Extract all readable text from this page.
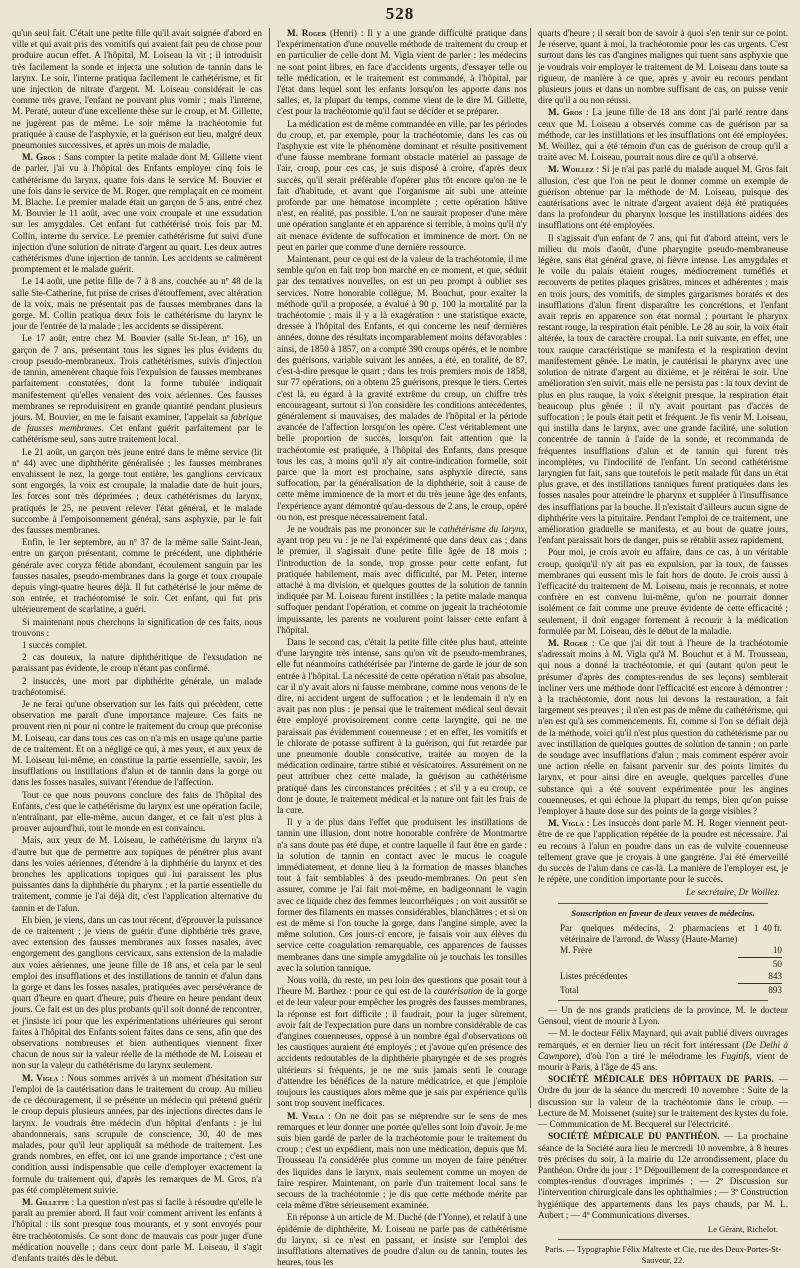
528

qu'un seul fait. C'était une petite fille qu'il avait soignée d'abord en ville et qui avait pris des vomitifs qui avaient fait peu de chose pour produire aucun effet. A l'hôpital, M. Loiseau la vit ; il introduisit très facilement la sonde et injecta une solution de tannin dans le larynx. Le soir, l'interne pratiqua facilement le cathétérisme, et fit une injection de nitrate d'argent. M. Loiseau considérait le cas comme très grave, l'enfant ne pouvant plus vomir ; mais l'interne, M. Peraté, auteur d'une excellente thèse sur le croup, et M. Gillette, ne jugèrent pas de même. Le soir même la trachéotomie fut pratiquée à cause de l'asphyxie, et la guérison eut lieu, malgré deux pneumonies successives, et après un mois de maladie.

M. Gros : Sans compter la petite malade dont M. Gillette vient de parler, j'ai vu à l'hôpital des Enfants employer cinq fois le cathétérisme du larynx, quatre fois dans le service M. Bouvier et une fois dans le service de M. Roger, que remplaçait en ce moment M. Blache. Le premier malade était un garçon de 5 ans, entré chez M. Bouvier le 11 août, avec une voix croupale et une exsudation sur les amygdales. Cet enfant fut cathétérisé trois fois par M. Collin, interne du service. Le premier cathétérisme fut suivi d'une injection d'une solution de nitrate d'argent au quart. Les deux autres cathétérismes d'une injection de tannin. Les accidents se calmèrent promptement et le malade guérit.

Le 14 août, une petite fille de 7 à 8 ans, couchée au nº 48 de la salle Ste-Catherine, fut prise de crises d'étouffement, avec altération de la voix, mais ne présentait pas de fausses membranes dans la gorge. M. Collin pratiqua deux fois le cathétérisme du larynx le jour de l'entrée de la malade ; les accidents se dissipèrent.

Le 17 août, entre chez M. Bouvier (salle St-Jean, nº 16), un garçon de 7 ans, présentant tous les signes les plus évidents du croup pseudo-membraneux. Trois cathétérismes, suivis d'injection de tannin, amenèrent chaque fois l'expulsion de fausses membranes parfaitement constatées, dont la forme tubulée indiquait manifestement qu'elles venaient des voix aériennes. Ces fausses membranes se reproduisirent en grande quantité pendant plusieurs jours. M. Bouvier, en me le faisant examiner, l'appelait sa fabrique de fausses membranes. Cet enfant guérit parfaitement par le cathétérisme seul, sans autre traitement local.

Le 21 août, un garçon très jeune entré dans le même service (lit nº 44) avec une diphthérite généralisée ; les fausses membranes envahissent le nez, la gorge tout entière, les ganglions cervicaux sont engorgés, la voix est croupale, la maladie date de huit jours, les forces sont très déprimées ; deux cathétérismes du larynx, pratiqués le 25, ne peuvent relever l'état général, et le malade succombe à l'empoisonnement général, sans asphyxie, par le fait des fausses membranes.

Enfin, le 1er septembre, au nº 37 de la même salle Saint-Jean, entre un garçon présentant, comme le précédent, une diphthérie générale avec coryza fétide abondant, écoulement sanguin par les fausses nasales, pseudo-membranes dans la gorge et toux croupale depuis vingt-quatre heures déjà. Il fut cathétérisé le jour même de son entrée, et trachéotomisé le soir. Cet enfant, qui fut pris ultérieurement de scarlatine, a guéri.

Si maintenant nous cherchons la signification de ces faits, nous trouvons :

1 succès complet.

2 cas douteux, la nature diphthéritique de l'exsudation ne paraissant pas évidente, le croup n'étant pas confirmé.

2 insuccès, une mort par diphthérite générale, un malade trachéotomisé.

Je ne ferai qu'une observation sur les faits qui précèdent, cette observation me paraît d'une importance majeure. Ces faits ne prouvent rien ni pour ni contre le traitement du croup que préconise M. Loiseau, car dans tous ces cas on n'a mis en usage qu'une partie de ce traitement. Et on a négligé ce qui, à mes yeux, et aux yeux de M. Loiseau lui-même, en constitue la partie essentielle, savoir, les insufflations ou instillations d'alun et de tannin dans la gorge ou dans les fosses nasales, suivant l'étendue de l'affection.

Tout ce que nous pouvons conclure des faits de l'hôpital des Enfants, c'est que le cathétérisme du larynx est une opération facile, n'entraînant, par elle-même, aucun danger, et ce fait n'est plus à prouver aujourd'hui, tout le monde en est convaincu.

Mais, aux yeux de M. Loiseau, le cathétérisme du larynx n'a d'autre but que de permettre aux topiques de pénétrer plus avant dans les voies aériennes, d'étendre à la diphthérie du larynx et des bronches les applications topiques qui lui paraissent les plus puissantes dans la diphthérie du pharynx ; et la partie essentielle du traitement, comme je l'ai déjà dit, c'est l'application alternative du tannin et de l'alun.

Eh bien, je viens, dans un cas tout récent, d'éprouver la puissance de ce traitement ; je viens de guérir d'une diphthérie très grave, avec extension des fausses membranes aux fosses nasales, avec engorgement des ganglions cervicaux, sans extension de la maladie aux voies aériennes, une jeune fille de 18 ans, et cela par le seul emploi des insufflations et des instillations de tannin et d'alun dans la gorge et dans les fosses nasales, pratiquées avec persévérance de quart d'heure en quart d'heure, puis d'heure en heure pendant deux jours. Ce fait est un des plus probants qu'il soit donné de rencontrer, et j'insiste ici pour que les expérimentations ultérieures qui seront faites à l'hôpital des Enfants soient faites dans ce sens, afin que des observations nombreuses et bien authentiques viennent fixer chacun de nous sur la valeur réelle de la méthode de M. Loiseau et non sur la valeur du cathétérisme du larynx seulement.

M. Vigla : Nous sommes arrivés à un moment d'hésitation sur l'emploi de la cautérisation dans le traitement du croup. Au milieu de ce découragement, il se présente un médecin qui prétend guérir le croup depuis plusieurs années, par des injections directes dans le larynx. Je voudrais être médecin d'un hôpital d'enfants : je lui abandonnerais, sans scrupule de conscience, 30, 40 de mes malades, pour qu'il leur appliquât sa méthode de traitement. Les grands nombres, en effet, ont ici une grande importance ; c'est une condition aussi indispensable que celle d'employer exactement la formule du traitement qui, d'après les remarques de M. Gros, n'a pas été complètement suivie.

M. Gillette : La question n'est pas si facile à résoudre qu'elle le paraît au premier abord. Il faut voir comment arrivent les enfants à l'hôpital : ils sont presque tous mourants, et y sont envoyés pour être trachéotomisés. Ce sont donc de mauvais cas pour juger d'une médication nouvelle ; dans ceux dont parle M. Loiseau, il s'agit d'enfants traités dès le début.

M. Roger (Henri) : Il y a une grande difficulté pratique dans l'expérimentation d'une nouvelle méthode de traitement du croup et en particulier de celle dont M. Vigla vient de parler : les médecins ne sont point libres, en face d'accidents urgents, d'essayer telle ou telle médication, et le traitement est commandé, à l'hôpital, par l'état dans lequel sont les enfants lorsqu'on les apporte dans nos salles, et, la plupart du temps, comme vient de le dire M. Gillette, c'est pour la trachéotomie qu'il faut se décider et se préparer.

La médication est de même commandée en ville, par les périodes du croup, et, par exemple, pour la trachéotomie, dans les cas où l'asphyxie est vite le phénomène dominant et résulte positivement d'une fausse membrane formant obstacle matériel au passage de l'air, croup, pour ces cas, je suis disposé à croire, d'après deux succès, qu'il serait préférable d'opérer plus tôt encore qu'on ne le fait d'habitude, et avant que l'organisme ait subi une atteinte profonde par une hématose incomplète ; cette opération hâtive n'est, en réalité, pas possible. L'on ne saurait proposer d'une mère une opération sanglante et en apparence si terrible, à moins qu'il n'y ait menace évidente de suffocation et imminence de mort. On ne peut en parler que comme d'une dernière ressource.

Maintenant, pour ce qui est de la valeur de la trachéotomie, il me semble qu'on en fait trop bon marché en ce moment, et que, séduit par des tentatives nouvelles, on est un peu prompt à oublier ses services. Notre honorable collègue, M. Bouchut, pour exalter la méthode qu'il a proposée, a évalué à 90 p. 100 la mortalité par la trachéotomie ; mais il y a là exagération : une statistique exacte, dressée à l'hôpital des Enfants, et qui concerne les neuf dernières années, donne des résultats incomparablement moins défavorables : ainsi, de 1850 à 1857, on a compté 390 croups opérés, et le nombre des guérisons, variable suivant les années, a été, en totalité, de 87, c'est-à-dire presque le quart ; dans les trois premiers mois de 1858, sur 77 opérations, on a obtenu 25 guérisons, presque le tiers. Certes c'est là, eu égard à la gravité extrême du croup, un chiffre très encourageant, surtout si l'on considère les conditions antécédentes, généralement si mauvaises, des malades de l'hôpital et la période avancée de l'affection lorsqu'on les opère. C'est véritablement une belle proportion de succès, lorsqu'on fait attention que la trachéotomie est pratiquée, à l'hôpital des Enfants, dans presque tous les cas, à moins qu'il n'y ait contre-indication formelle, soit parce que la mort est prochaine, sans asphyxie directe, sans suffocation, par la généralisation de la diphthérie, soit à cause de cette même imminence de la mort et du très jeune âge des enfants, l'expérience ayant démontré qu'au-dessous de 2 ans, le croup, opéré ou non, est presque nécessairement fatal.

Je ne voudrais pas me prononcer sur le cathétérisme du larynx, ayant trop peu vu : je ne l'ai expérimenté que dans deux cas ; dans le premier, il s'agissait d'une petite fille âgée de 18 mois ; l'introduction de la sonde, trop grosse pour cette enfant, fut pratiquée habilement, mais avec difficulté, par M. Peter, interne attaché à ma division, et quelques gouttes de la solution de tannin indiquée par M. Loiseau furent instillées ; la petite malade manqua suffoquer pendant l'opération, et comme on jugeait la trachéotomie impuissante, les parents ne voulurent point laisser cette enfant à l'hôpital.

Dans le second cas, c'était la petite fille citée plus haut, atteinte d'une laryngite très intense, sans qu'on vît de pseudo-membranes, elle fut néanmoins cathétérisée par l'interne de garde le jour de son entrée à l'hôpital. La nécessité de cette opération n'était pas absolue, car il n'y avait alors ni fausse membrane, comme nous venons de le dire, ni accident urgent de suffocation ; et le lendemain il n'y en avait pas non plus : je pensai que le traitement médical seul devait être employé provisoirement contre cette laryngite, qui ne me paraissait pas évidemment couenneuse ; et en effet, les vomitifs et le chlorate de potasse suffirent à la guérison, qui fut retardée par une pneumonie double consécutive, traitée au moyen de la médication ordinaire, tartre stibié et vésicatoires. Assurément on ne peut attribuer chez cette malade, la guérison au cathétérisme pratiqué dans les circonstances précitées ; et s'il y a eu croup, ce dont je doute, le traitement médical et la nature ont fait les frais de la cure.

Il y a de plus dans l'effet que produisent les instillations de tannin une illusion, dont notre honorable confrère de Montmartre n'a sans doute pas été dupe, et contre laquelle il faut être en garde : la solution de tannin en contact avec le mucus le coagule immédiatement, et donne lieu à la formation de masses blanches tout à fait semblables à des pseudo-membranes. On peut s'en assurer, comme je l'ai fait moi-même, en badigeonnant le vagin avec ce liquide chez des femmes leucorrhéiques ; on voit aussitôt se former des filaments en masses considérables, blanchâtres ; et si on est de même si l'on touche la gorge, dans l'angine simple, avec la même solution. Ces jours-ci encore, je faisais voir aux élèves du service cette coagulation remarquable, ces apparences de fausses membranes dans une simple amygdalite où je touchais les tonsilles avec la solution tannique.

Nous voilà, du reste, un peu loin des questions que posait tout à l'heure M. Barthez : pour ce qui est de la cautérisation de la gorge et de leur valeur pour empêcher les progrès des fausses membranes, la réponse est fort difficile ; il faudrait, pour la juger sûrement, avoir fait de l'expectation pure dans un nombre considérable de cas d'angines couenneuses, opposé à un nombre égal d'observations où les caustiques auraient été employés ; et j'avoue qu'en présence des accidents redoutables de la diphthérie pharyngée et de ses progrès ultérieurs si fréquents, je ne me suis jamais senti le courage d'attendre les bénéfices de la nature médicatrice, et que j'emploie toujours les caustiques alors même que je sais par expérience qu'ils sont trop souvent inefficaces.

M. Vigla : On ne doit pas se méprendre sur le sens de mes remarques et leur donner une portée qu'elles sont loin d'avoir. Je me suis bien gardé de parler de la trachéotomie pour le traitement du croup ; c'est un expédient, mais non une médication, depuis que M. Trousseau l'a considérée plus comme un moyen de faire pénétrer des liquides dans le larynx, mais seulement comme un moyen de faire respirer. Maintenant, on parle d'un traitement local sans le secours de la trachéotomie ; je dis que cette méthode mérite par cela même d'être sérieusement examinée.

En réponse à un article de M. Duché (de l'Yonne), et relatif à une épidémie de diphthérite, M. Loiseau ne parle pas de cathétérisme du larynx, si ce n'est en passant, et insiste sur l'emploi des insufflations alternatives de poudre d'alun ou de tannin, toutes les heures, tous les

quarts d'heure ; il serait bon de savoir à quoi s'en tenir sur ce point. Je réserve, quant à moi, la trachéotomie pour les cas urgents. C'est surtout dans les cas d'angines malignes qui tuent sans asphyxie que je voudrais voir employer le traitement de M. Loiseau dans toute sa rigueur, de manière à ce que, après y avoir eu recours pendant plusieurs jours et dans un nombre suffisant de cas, on puisse venir dire qu'il a ou non réussi.

M. Gros : La jeune fille de 18 ans dont j'ai parlé rentre dans ceux que M. Loiseau a observés comme cas de guérison par sa méthode, car les instillations et les insufflations ont été employées. M. Woillez, qui a été témoin d'un cas de guérison de croup qu'il a traité avec M. Loiseau, pourrait nous dire ce qu'il a observé.

M. Woillez : Si je n'ai pas parlé du malade auquel M. Gros fait allusion, c'est que l'on ne peut le donner comme un exemple de guérison obtenue par la méthode de M. Loiseau, puisque des cautérisations avec le nitrate d'argent avaient déjà été pratiquées dans la profondeur du pharynx lorsque les instillations aidées des insufflations ont été employées.

Il s'agissait d'un enfant de 7 ans, qui fut d'abord atteint, vers le milieu du mois d'août, d'une pharyngite pseudo-membraneuse légère, sans état général grave, ni fièvre intense. Les amygdales et le voile du palais étaient rouges, médiocrement tuméfiés et recouverts de petites plaques grisâtres, minces et adhérentes ; mais en trois jours, des vomitifs, de simples gargarismes boratés et des insufflations d'alun firent disparaître les concrétions, et l'enfant avait repris en apparence son état normal ; pourtant le pharynx restant rouge, la respiration était pénible. Le 28 au soir, la voix était altérée, la toux de caractère croupal. La nuit suivante, en effet, une toux rauque caractéristique se manifesta et la respiration devint manifestement gênée. Le matin, je cautérisai le pharynx avec une solution de nitrate d'argent au dixième, et je réitérai le soir. Une amélioration s'en suivit, mais elle ne persista pas : la toux devint de plus en plus rauque, la voix s'éteignit presque, la respiration était beaucoup plus gênée ; il n'y avait pourtant pas d'accès de suffocation ; le pouls était petit et fréquent. Je fis venir M. Loiseau, qui instilla dans le larynx, avec une grande facilité, une solution concentrée de tannin à l'aide de la sonde, et recommanda de fréquentes insufflations d'alun et de tannin qui furent très incomplètes, vu l'indocilité de l'enfant. Un second cathétérisme laryngien fut fait, sans que toutefois le petit malade fût dans un état plus grave, et des instillations tanniques furent pratiquées dans les fosses nasales pour atteindre le pharynx et suppléer à l'insuffisance des insufflations par la bouche. Il n'existait d'ailleurs aucun signe de diphthérite vers la pituitaire. Pendant l'emploi de ce traitement, une amélioration graduelle se manifesta, et au bout de quatre jours, l'enfant paraissait hors de danger, puis se rétablit assez rapidement.

Pour moi, je crois avoir eu affaire, dans ce cas, à un véritable croup, quoiqu'il n'y ait pas eu expulsion, par la toux, de fausses membranes qui eussent mis le fait hors de doute. Je crois aussi à l'efficacité du traitement de M. Loiseau, mais je reconnais, et notre confrère en est convenu lui-même, qu'on ne pourrait donner isolément ce fait comme une preuve évidente de cette efficacité ; seulement, il doit engager fortement à recourir à la médication formulée par M. Loiseau, dès le début de la maladie.

M. Roger : Ce que j'ai dit tout à l'heure de la trachéotomie s'adressait moins à M. Vigla qu'à M. Bouchut et à M. Trousseau, qui nous a donné la trachéotomie, et qui (autant qu'on peut le présumer d'après des comptes-rendus de ses leçons) semblerait incliner vers une méthode dont l'efficacité est encore à démontrer : à la trachéotomie, dont nous lui devons la restauration, a fait largement ses preuves ; il n'en est pas de même du cathétérisme, qui n'en est qu'à ses commencements. Et, comme si l'on se défiait déjà de la méthode, voici qu'il n'est plus question du cathétérisme par ou avec instillation de quelques gouttes de solution de tannin ; on parle de soudage avec insufflations d'alun ; mais comment espérer avoir une action réelle en faisant parvenir sur des points limités du larynx, et pour ainsi dire en aveugle, quelques parcelles d'une substance qui a été souvent expérimentée pour les angines couenneuses, et qui échoue la plupart du temps, bien qu'on puisse l'employer à haute dose sur des points de la gorge visibles ?

M. Vigla : Les insuccès dont parle M. H. Roger viennent peut-être de ce que l'application répétée de la poudre est nécessaire. J'ai eu recours à l'alun en poudre dans un cas de vulvite couenneuse tellement grave que je croyais à une gangrène. J'ai été émerveillé du succès de l'alun dans ce cas-là. La manière de l'employer est, je le répète, une condition importante pour le succès.

Le secrétaire, Dr Woillez.
Souscription en faveur de deux veuves de médecins.
Par quelques médecins, 2 pharmaciens et 1 vétérinaire de l'arrond. de Wassy (Haute-Marne)
40 fr.
M. Frère	10
50
Listes précédentes	843
Total	893

— Un de nos grands praticiens de la province, M. le docteur Gensoul, vient de mourir à Lyon.

— M. le docteur Félix Maynard, qui avait publié divers ouvrages remarqués, et en dernier lieu un récit fort intéressant (De Delhi à Cawnpore), d'où l'on a tiré le mélodrame les Fugitifs, vient de mourir à Paris, à l'âge de 45 ans.

SOCIÉTÉ MÉDICALE DES HÔPITAUX DE PARIS. — Ordre du jour de la séance du mercredi 10 novembre : Suite de la discussion sur la valeur de la trachéotomie dans le croup. — Lecture de M. Moissenet (suite) sur le traitement des kystes du foie. — Communication de M. Becquerel sur l'électricité.

SOCIÉTÉ MÉDICALE DU PANTHÉON. — La prochaine séance de la Société aura lieu le mercredi 10 novembre, à 8 heures très précises du soir, à la mairie du 12e arrondissement, place du Panthéon. Ordre du jour : 1º Dépouillement de la correspondance et comptes-rendus d'ouvrages imprimés ; — 2º Discussion sur l'intervention chirurgicale dans les ophthalmies ; — 3º Construction hygiénique des appartements dans les pays chauds, par M. L. Aubert ; — 4º Communications diverses.

Le Gérant, Richelot.
Paris. — Typographie Félix Malteste et Cie, rue des Deux-Portes-St-Sauveur, 22.
